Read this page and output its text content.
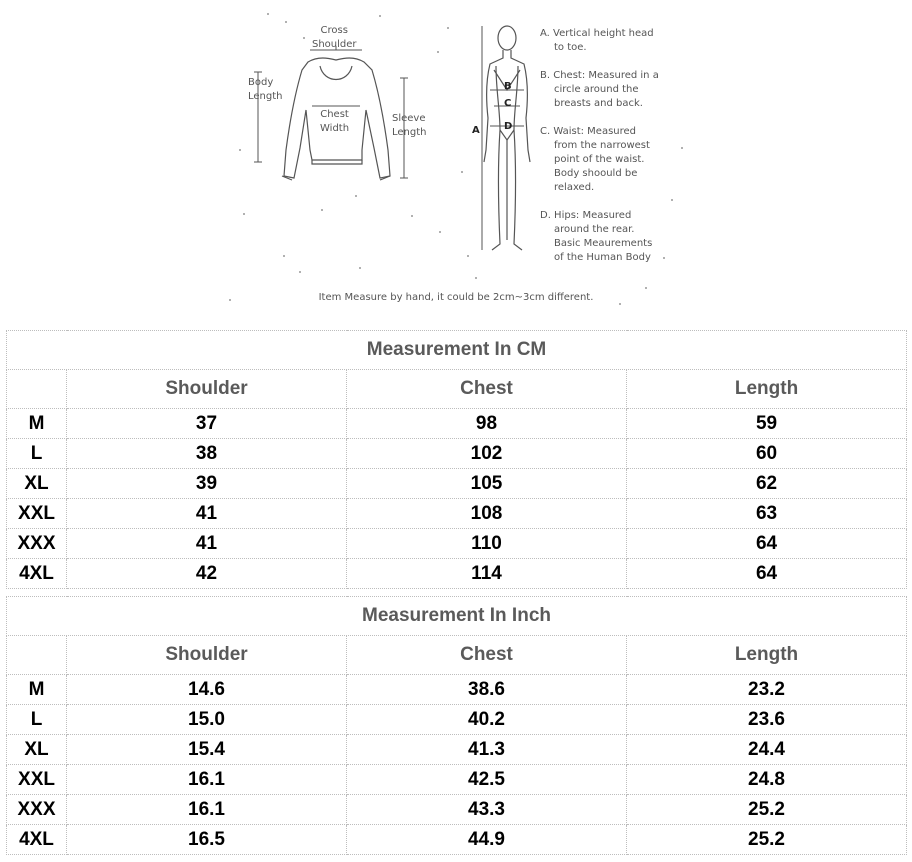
Cross
Shoulder
Body
Length
Chest
Width
Sleeve
Length	A
B
C
D
A. Vertical height head
to toe.
B. Chest: Measured in a
circle around the
breasts and back.
C. Waist: Measured
from the narrowest
point of the waist.
Body shoould be
relaxed.
D. Hips: Measured
around the rear.
Basic Meaurements
of the Human Body
Item Measure by hand, it could be 2cm~3cm different.
Measurement In CM			
	Shoulder	Chest	Length
M	37	98	59
L	38	102	60
XL	39	105	62
XXL	41	108	63
XXX	41	110	64
4XL	42	114	64
Measurement In Inch			
	Shoulder	Chest	Length
M	14.6	38.6	23.2
L	15.0	40.2	23.6
XL	15.4	41.3	24.4
XXL	16.1	42.5	24.8
XXX	16.1	43.3	25.2
4XL	16.5	44.9	25.2
